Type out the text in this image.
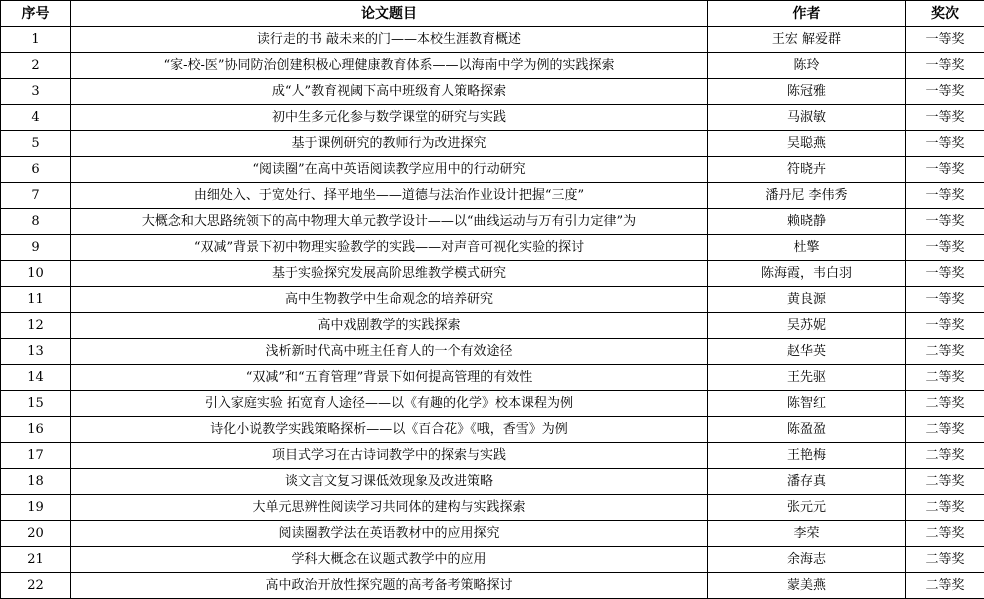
序号	论文题目	作者	奖次
1	读行走的书 敲未来的门——本校生涯教育概述	王宏 解爱群	一等奖
2	“家-校-医”协同防治创建积极心理健康教育体系——以海南中学为例的实践探索	陈玲	一等奖
3	成“人”教育视阈下高中班级育人策略探索	陈冠雅	一等奖
4	初中生多元化参与数学课堂的研究与实践	马淑敏	一等奖
5	基于课例研究的教师行为改进探究	吴聪燕	一等奖
6	“阅读圈”在高中英语阅读教学应用中的行动研究	符晓卉	一等奖
7	由细处入、于宽处行、择平地坐——道德与法治作业设计把握“三度”	潘丹尼 李伟秀	一等奖
8	大概念和大思路统领下的高中物理大单元教学设计——以“曲线运动与万有引力定律”为	赖晓静	一等奖
9	“双减”背景下初中物理实验教学的实践——对声音可视化实验的探讨	杜擎	一等奖
10	基于实验探究发展高阶思维教学模式研究	陈海霞，韦白羽	一等奖
11	高中生物教学中生命观念的培养研究	黄良源	一等奖
12	高中戏剧教学的实践探索	吴苏妮	一等奖
13	浅析新时代高中班主任育人的一个有效途径	赵华英	二等奖
14	“双减”和“五育管理”背景下如何提高管理的有效性	王先驱	二等奖
15	引入家庭实验 拓宽育人途径——以《有趣的化学》校本课程为例	陈智红	二等奖
16	诗化小说教学实践策略探析——以《百合花》《哦，香雪》为例	陈盈盈	二等奖
17	项目式学习在古诗词教学中的探索与实践	王艳梅	二等奖
18	谈文言文复习课低效现象及改进策略	潘存真	二等奖
19	大单元思辨性阅读学习共同体的建构与实践探索	张元元	二等奖
20	阅读圈教学法在英语教材中的应用探究	李荣	二等奖
21	学科大概念在议题式教学中的应用	余海志	二等奖
22	高中政治开放性探究题的高考备考策略探讨	蒙美燕	二等奖
